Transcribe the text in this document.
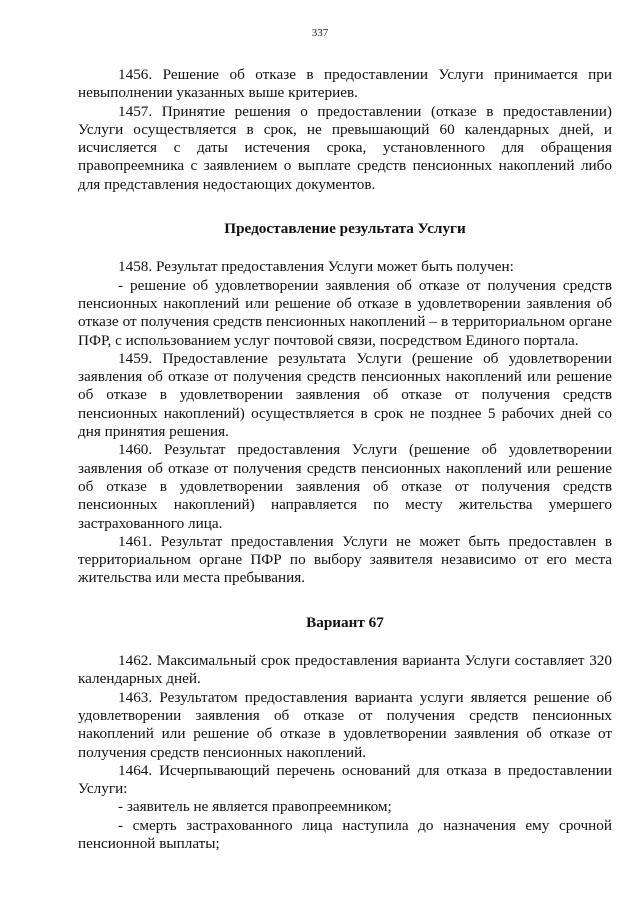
337

1456. Решение об отказе в предоставлении Услуги принимается при невыполнении указанных выше критериев.

1457. Принятие решения о предоставлении (отказе в предоставлении) Услуги осуществляется в срок, не превышающий 60 календарных дней, и исчисляется с даты истечения срока, установленного для обращения правопреемника с заявлением о выплате средств пенсионных накоплений либо для представления недостающих документов.

Предоставление результата Услуги

1458. Результат предоставления Услуги может быть получен:

- решение об удовлетворении заявления об отказе от получения средств пенсионных накоплений или решение об отказе в удовлетворении заявления об отказе от получения средств пенсионных накоплений – в территориальном органе ПФР, с использованием услуг почтовой связи, посредством Единого портала.

1459. Предоставление результата Услуги (решение об удовлетворении заявления об отказе от получения средств пенсионных накоплений или решение об отказе в удовлетворении заявления об отказе от получения средств пенсионных накоплений) осуществляется в срок не позднее 5 рабочих дней со дня принятия решения.

1460. Результат предоставления Услуги (решение об удовлетворении заявления об отказе от получения средств пенсионных накоплений или решение об отказе в удовлетворении заявления об отказе от получения средств пенсионных накоплений) направляется по месту жительства умершего застрахованного лица.

1461. Результат предоставления Услуги не может быть предоставлен в территориальном органе ПФР по выбору заявителя независимо от его места жительства или места пребывания.

Вариант 67

1462. Максимальный срок предоставления варианта Услуги составляет 320 календарных дней.

1463. Результатом предоставления варианта услуги является решение об удовлетворении заявления об отказе от получения средств пенсионных накоплений или решение об отказе в удовлетворении заявления об отказе от получения средств пенсионных накоплений.

1464. Исчерпывающий перечень оснований для отказа в предоставлении Услуги:

- заявитель не является правопреемником;

- смерть застрахованного лица наступила до назначения ему срочной пенсионной выплаты;
